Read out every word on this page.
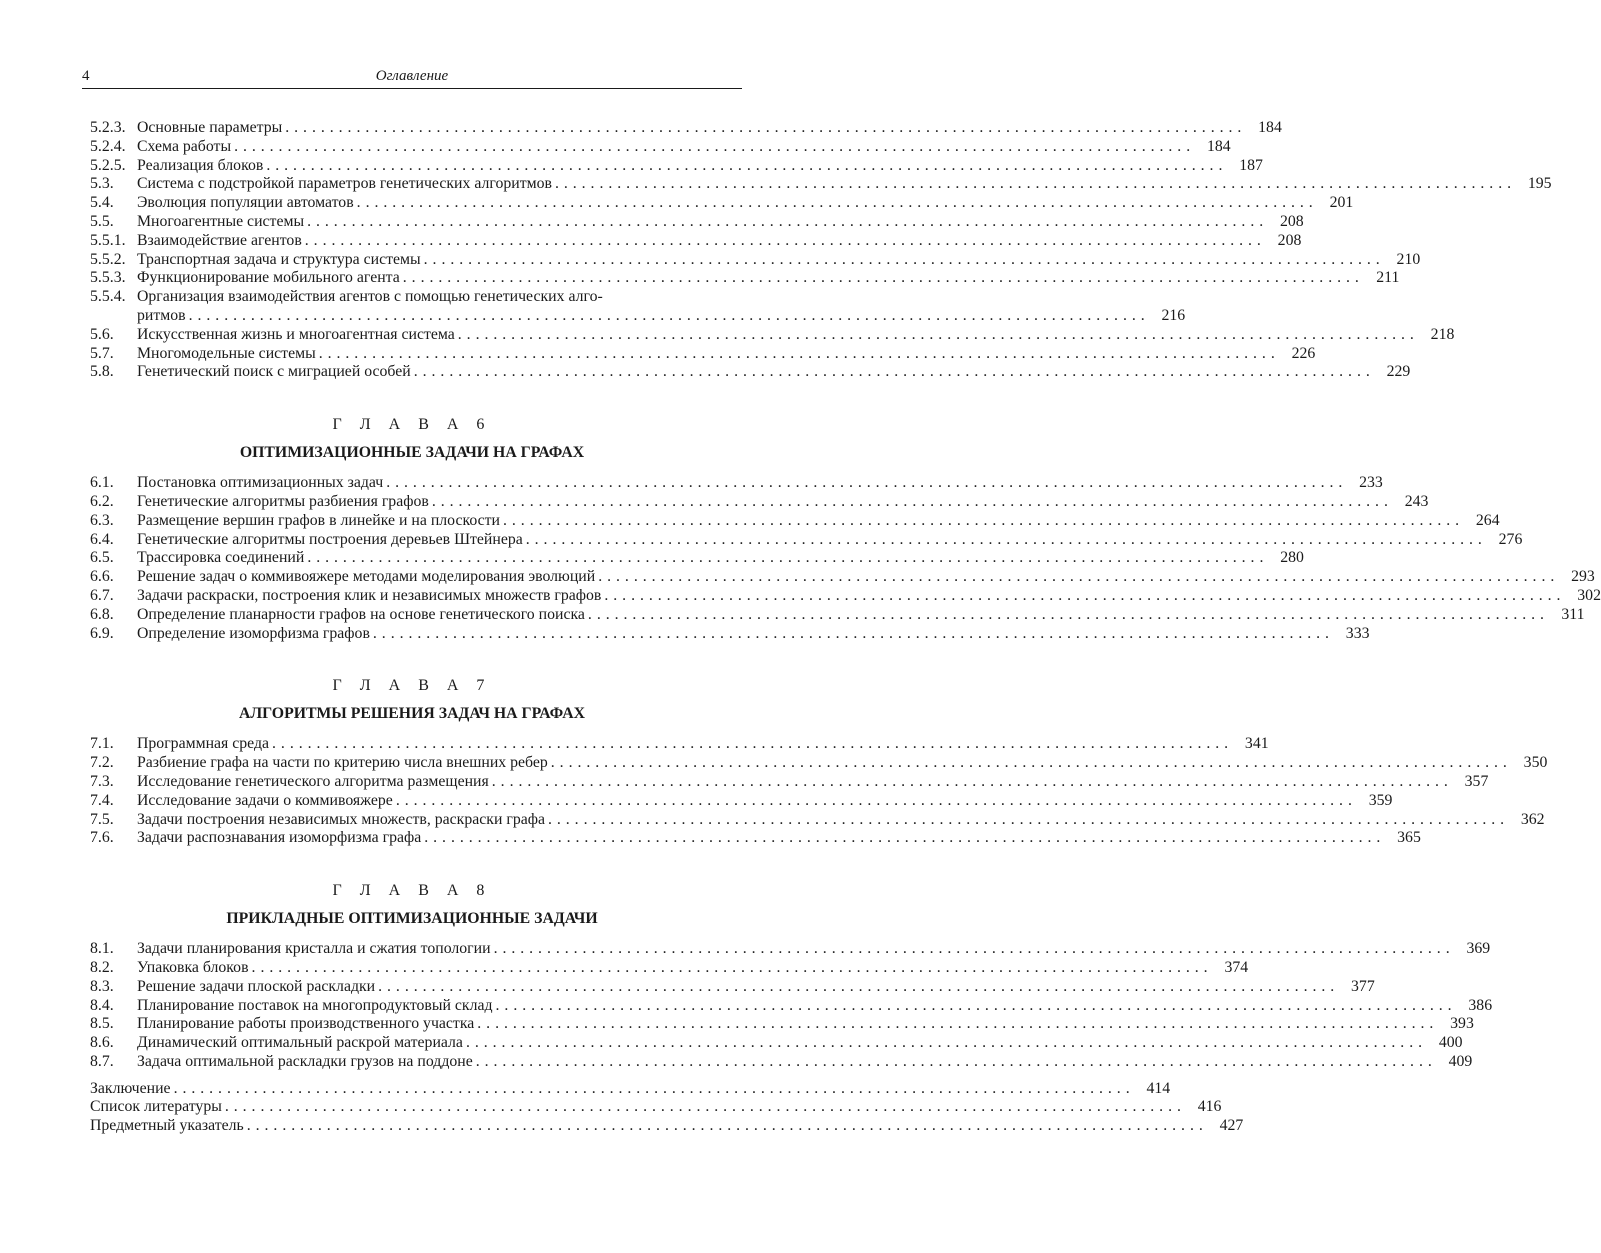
4	Оглавление
5.2.3. Основные параметры . . .	184
5.2.4. Схема работы . . .	184
5.2.5. Реализация блоков . . .	187
5.3.	Система с подстройкой параметров генетических алгоритмов . . .	195
5.4.	Эволюция популяции автоматов . . .	201
5.5.	Многоагентные системы . . .	208
5.5.1. Взаимодействие агентов . . .	208
5.5.2. Транспортная задача и структура системы . . .	210
5.5.3. Функционирование мобильного агента . . .	211
5.5.4. Организация взаимодействия агентов с помощью генетических алго-
ритмов . . .	216
5.6.	Искусственная жизнь и многоагентная система . . .	218
5.7.	Многомодельные системы . . .	226
5.8.	Генетический поиск с миграцией особей . . .	229
Г Л А В А 6
ОПТИМИЗАЦИОННЫЕ ЗАДАЧИ НА ГРАФАХ
6.1.	Постановка оптимизационных задач . . .	233
6.2.	Генетические алгоритмы разбиения графов . . .	243
6.3.	Размещение вершин графов в линейке и на плоскости . . .	264
6.4.	Генетические алгоритмы построения деревьев Штейнера . . .	276
6.5.	Трассировка соединений . . .	280
6.6.	Решение задач о коммивояжере методами моделирования эволюций . . .	293
6.7.	Задачи раскраски, построения клик и независимых множеств графов . . .	302
6.8.	Определение планарности графов на основе генетического поиска . . .	311
6.9.	Определение изоморфизма графов . . .	333
Г Л А В А 7
АЛГОРИТМЫ РЕШЕНИЯ ЗАДАЧ НА ГРАФАХ
7.1.	Программная среда . . .	341
7.2.	Разбиение графа на части по критерию числа внешних ребер . . .	350
7.3.	Исследование генетического алгоритма размещения . . .	357
7.4.	Исследование задачи о коммивояжере . . .	359
7.5.	Задачи построения независимых множеств, раскраски графа . . .	362
7.6.	Задачи распознавания изоморфизма графа . . .	365
Г Л А В А 8
ПРИКЛАДНЫЕ ОПТИМИЗАЦИОННЫЕ ЗАДАЧИ
8.1.	Задачи планирования кристалла и сжатия топологии . . .	369
8.2.	Упаковка блоков . . .	374
8.3.	Решение задачи плоской раскладки . . .	377
8.4.	Планирование поставок на многопродуктовый склад . . .	386
8.5.	Планирование работы производственного участка . . .	393
8.6.	Динамический оптимальный раскрой материала . . .	400
8.7.	Задача оптимальной раскладки грузов на поддоне . . .	409
Заключение . . .	414
Список литературы . . .	416
Предметный указатель . . .	427
